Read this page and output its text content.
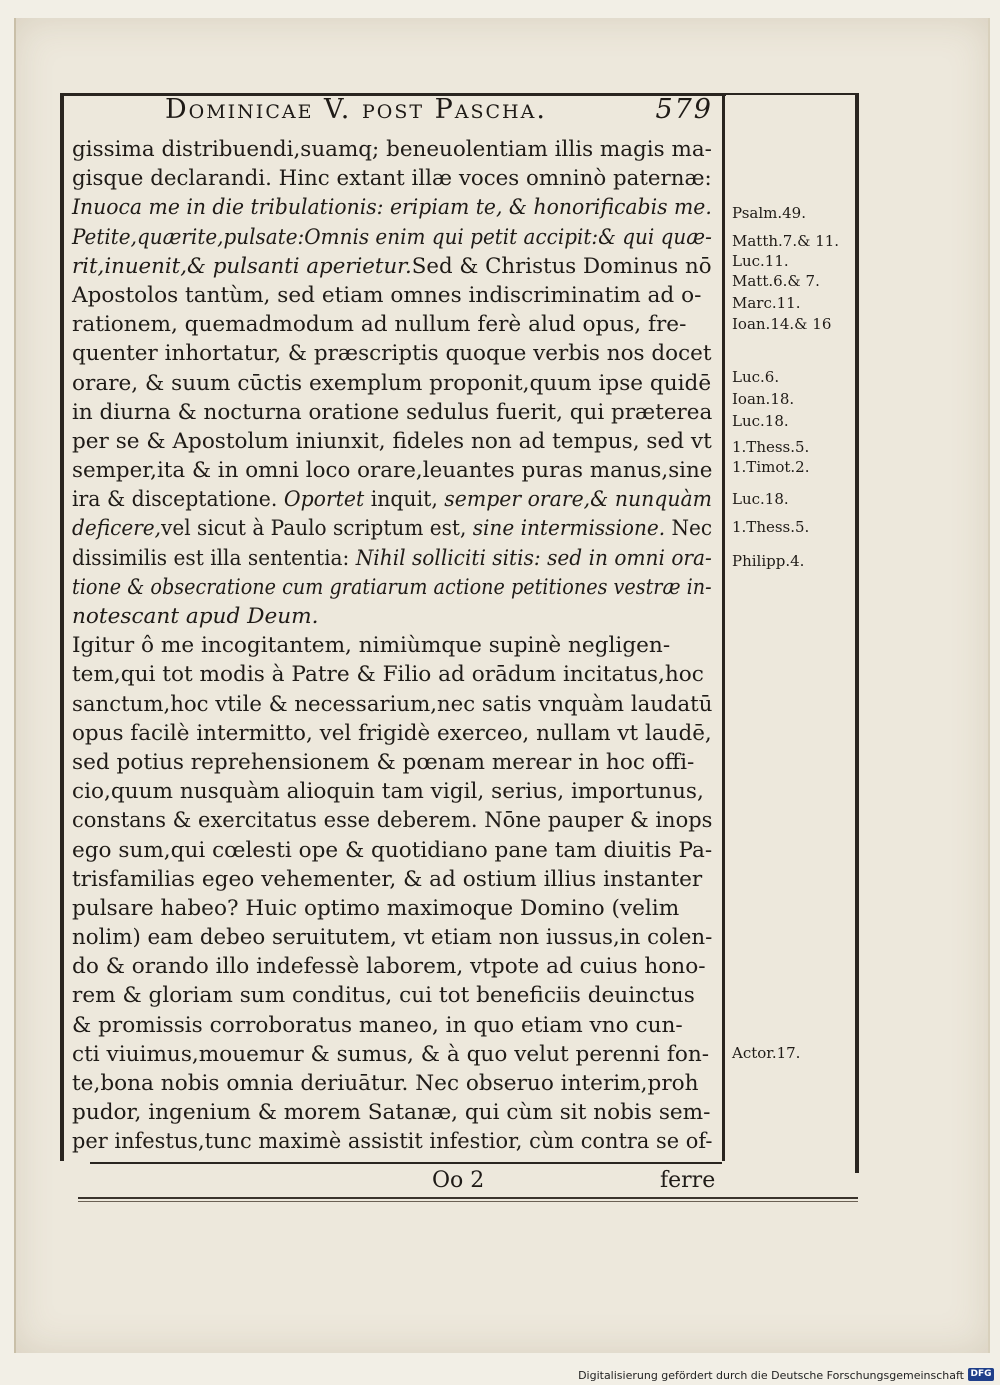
Dominicae V. post Pascha.	579
gissima distribuendi,suamq; beneuolentiam illis magis ma-
gisque declarandi. Hinc extant illæ voces omninò paternæ:
Inuoca me in die tribulationis: eripiam te, & honorificabis me.
Petite,quærite,pulsate:Omnis enim qui petit accipit:& qui quæ-
rit,inuenit,& pulsanti aperietur.Sed & Christus Dominus nō
Apostolos tantùm, sed etiam omnes indiscriminatim ad o-
rationem, quemadmodum ad nullum ferè alud opus, fre-
quenter inhortatur, & præscriptis quoque verbis nos docet
orare, & suum cūctis exemplum proponit,quum ipse quidē
in diurna & nocturna oratione sedulus fuerit, qui præterea
per se & Apostolum iniunxit, fideles non ad tempus, sed vt
semper,ita & in omni loco orare,leuantes puras manus,sine
ira & disceptatione. Oportet inquit, semper orare,& nunquàm
deficere,vel sicut à Paulo scriptum est, sine intermissione. Nec
dissimilis est illa sententia: Nihil solliciti sitis: sed in omni ora-
tione & obsecratione cum gratiarum actione petitiones vestræ in-
notescant apud Deum.
Igitur ô me incogitantem, nimiùmque supinè negligen-
tem,qui tot modis à Patre & Filio ad orādum incitatus,hoc
sanctum,hoc vtile & necessarium,nec satis vnquàm laudatū
opus facilè intermitto, vel frigidè exerceo, nullam vt laudē,
sed potius reprehensionem & pœnam merear in hoc offi-
cio,quum nusquàm alioquin tam vigil, serius, importunus,
constans & exercitatus esse deberem. Nōne pauper & inops
ego sum,qui cœlesti ope & quotidiano pane tam diuitis Pa-
trisfamilias egeo vehementer, & ad ostium illius instanter
pulsare habeo? Huic optimo maximoque Domino (velim
nolim) eam debeo seruitutem, vt etiam non iussus,in colen-
do & orando illo indefessè laborem, vtpote ad cuius hono-
rem & gloriam sum conditus, cui tot beneficiis deuinctus
& promissis corroboratus maneo, in quo etiam vno cun-
cti viuimus,mouemur & sumus, & à quo velut perenni fon-
te,bona nobis omnia deriuātur. Nec obseruo interim,proh
pudor, ingenium & morem Satanæ, qui cùm sit nobis sem-
per infestus,tunc maximè assistit infestior, cùm contra se of-
Psalm.49.
Matth.7.& 11.
Luc.11.
Matt.6.& 7.
Marc.11.
Ioan.14.& 16
Luc.6.
Ioan.18.
Luc.18.
1.Thess.5.
1.Timot.2.
Luc.18.
1.Thess.5.
Philipp.4.
Actor.17.
Oo 2	ferre
Digitalisierung gefördert durch die Deutsche Forschungsgemeinschaft DFG
